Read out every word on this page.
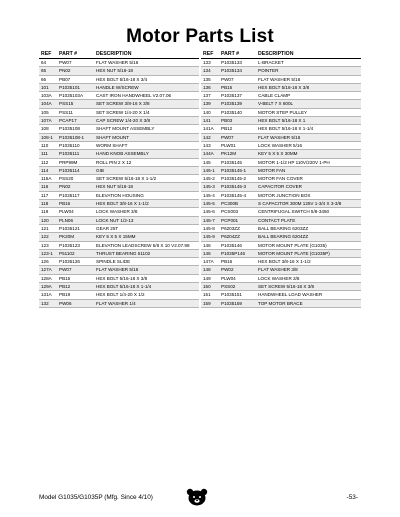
Motor Parts List
REF	PART #	DESCRIPTION
64	PW07	FLAT WASHER 5/16
65	PN02	HEX NUT 5/16-18
66	PB07	HEX BOLT 5/16-18 X 3/4
101	P1035101	HANDLE W/SCREW
103A	P1035103A	CAST IRON HANDWHEEL V2.07.06
104A	PSS15	SET SCREW 3/8-16 X 3/8
105	PSS11	SET SCREW 1/4-20 X 1/4
107A	PCAP17	CAP SCREW 1/4-20 X 3/8
108	P1035108	SHAFT MOUNT ASSEMBLY
108-1	P1035108-1	SHAFT MOUNT
110	P1035110	WORM SHAFT
111	P1035111	HAND KNOB ASSEMBLY
112	PRP99M	ROLL PIN 2 X 12
114	P1035114	GIB
115A	PSS20	SET SCREW 5/16-18 X 1-1/2
116	PN02	HEX NUT 5/16-18
117	P1035117	ELEVATION HOUSING
118	PB16	HEX BOLT 3/8-16 X 1-1/2
119	PLW04	LOCK WASHER 3/8
120	PLN06	LOCK NUT 1/2-13
121	P1035121	GEAR 25T
122	PK20M	KEY 5 X 5 X 15MM
123	P1035123	ELEVATION LEADSCREW 5/8 X 10 V2.07.98
123-1	P51102	THRUST BEARING 51102
126	P1035126	SPINDLE SLIDE
127A	PW07	FLAT WASHER 5/16
128A	PB15	HEX BOLT 5/16-18 X 3/8
129A	PB12	HEX BOLT 5/16-18 X 1-1/4
131A	PB19	HEX BOLT 1/4-20 X 1/2
132	PW06	FLAT WASHER 1/4
REF	PART #	DESCRIPTION
133	P1035133	L-BRACKET
134	P1035134	POINTER
135	PW07	FLAT WASHER 5/16
136	PB15	HEX BOLT 5/16-18 X 3/8
137	P1035137	CABLE CLAMP
139	P1035139	V-BELT 7 X 600L
140	P1035140	MOTOR STEP PULLEY
141	PB03	HEX BOLT 5/16-18 X 1
141A	PB12	HEX BOLT 5/16-18 X 1-1/4
142	PW07	FLAT WASHER 5/16
143	PLW01	LOCK WASHER 5/16
144A	PK12M	KEY 5 X 5 X 30MM
145	P1035145	MOTOR 1-1/2 HP 110V/220V 1-PH
145-1	P1035145-1	MOTOR FAN
145-2	P1035145-2	MOTOR FAN COVER
145-3	P1035145-3	CAPACITOR COVER
145-4	P1035145-4	MOTOR JUNCTION BOX
145-5	PC300B	S CAPACITOR 300M 125V 1-3/4 X 3-3/8
145-6	PCS003	CENTRIFUGAL SWITCH 5/8-3450
145-7	PCP001	CONTACT PLATE
145-8	P6203ZZ	BALL BEARING 6203ZZ
145-9	P6204ZZ	BALL BEARING 6204ZZ
146	P1035146	MOTOR MOUNT PLATE (G1035)
146	P1035P146	MOTOR MOUNT PLATE (G1035P)
147A	PB16	HEX BOLT 3/8-16 X 1-1/2
148	PW02	FLAT WASHER 3/8
149	PLW04	LOCK WASHER 3/8
150	PSS02	SET SCREW 5/16-18 X 3/8
151	P1035151	HANDWHEEL LOAD WASHER
159	P1035159	TOP MOTOR BRACE
Model G1035/G1035P (Mfg. Since 4/10)	-53-
